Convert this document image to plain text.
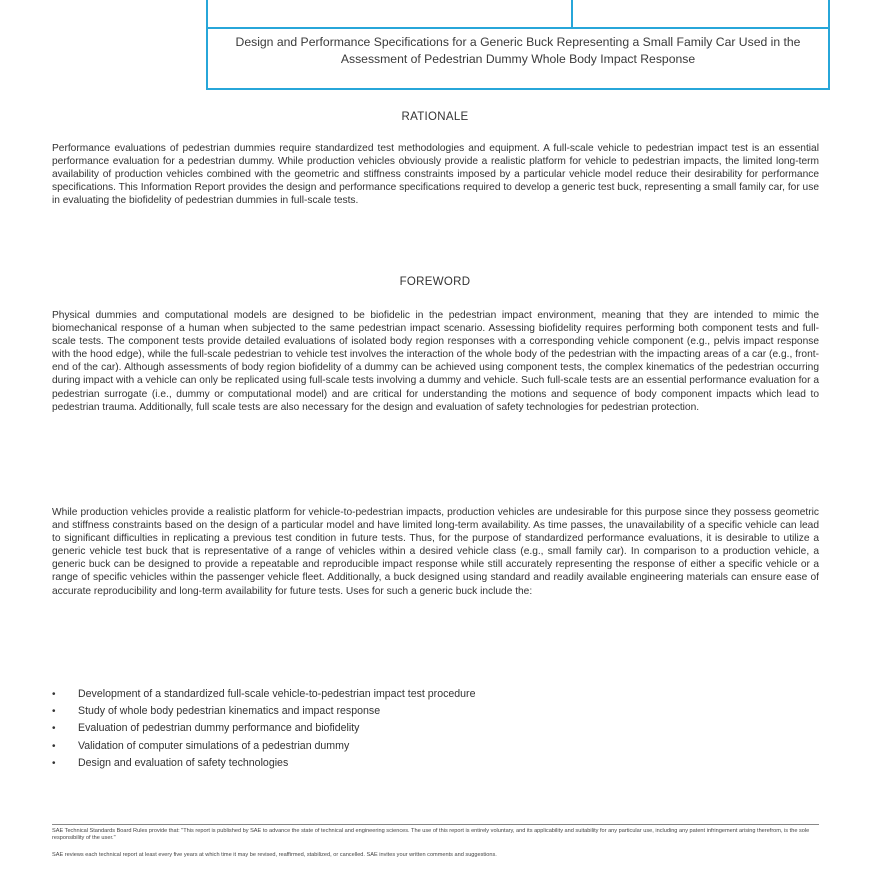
Design and Performance Specifications for a Generic Buck Representing a Small Family Car Used in the Assessment of Pedestrian Dummy Whole Body Impact Response
RATIONALE

Performance evaluations of pedestrian dummies require standardized test methodologies and equipment. A full-scale vehicle to pedestrian impact test is an essential performance evaluation for a pedestrian dummy. While production vehicles obviously provide a realistic platform for vehicle to pedestrian impacts, the limited long-term availability of production vehicles combined with the geometric and stiffness constraints imposed by a particular vehicle model reduce their desirability for performance specifications. This Information Report provides the design and performance specifications required to develop a generic test buck, representing a small family car, for use in evaluating the biofidelity of pedestrian dummies in full-scale tests.

FOREWORD

Physical dummies and computational models are designed to be biofidelic in the pedestrian impact environment, meaning that they are intended to mimic the biomechanical response of a human when subjected to the same pedestrian impact scenario. Assessing biofidelity requires performing both component tests and full-scale tests. The component tests provide detailed evaluations of isolated body region responses with a corresponding vehicle component (e.g., pelvis impact response with the hood edge), while the full-scale pedestrian to vehicle test involves the interaction of the whole body of the pedestrian with the impacting areas of a car (e.g., front-end of the car). Although assessments of body region biofidelity of a dummy can be achieved using component tests, the complex kinematics of the pedestrian occurring during impact with a vehicle can only be replicated using full-scale tests involving a dummy and vehicle. Such full-scale tests are an essential performance evaluation for a pedestrian surrogate (i.e., dummy or computational model) and are critical for understanding the motions and sequence of body component impacts which lead to pedestrian trauma. Additionally, full scale tests are also necessary for the design and evaluation of safety technologies for pedestrian protection.

While production vehicles provide a realistic platform for vehicle-to-pedestrian impacts, production vehicles are undesirable for this purpose since they possess geometric and stiffness constraints based on the design of a particular model and have limited long-term availability. As time passes, the unavailability of a specific vehicle can lead to significant difficulties in replicating a previous test condition in future tests. Thus, for the purpose of standardized performance evaluations, it is desirable to utilize a generic vehicle test buck that is representative of a range of vehicles within a desired vehicle class (e.g., small family car). In comparison to a production vehicle, a generic buck can be designed to provide a repeatable and reproducible impact response while still accurately representing the response of either a specific vehicle or a range of specific vehicles within the passenger vehicle fleet. Additionally, a buck designed using standard and readily available engineering materials can ensure ease of accurate reproducibility and long-term availability for future tests. Uses for such a generic buck include the:

• Development of a standardized full-scale vehicle-to-pedestrian impact test procedure
• Study of whole body pedestrian kinematics and impact response
• Evaluation of pedestrian dummy performance and biofidelity
• Validation of computer simulations of a pedestrian dummy
• Design and evaluation of safety technologies

SAE Technical Standards Board Rules provide that: "This report is published by SAE to advance the state of technical and engineering sciences. The use of this report is entirely voluntary, and its applicability and suitability for any particular use, including any patent infringement arising therefrom, is the sole responsibility of the user."

SAE reviews each technical report at least every five years at which time it may be revised, reaffirmed, stabilized, or cancelled. SAE invites your written comments and suggestions.
